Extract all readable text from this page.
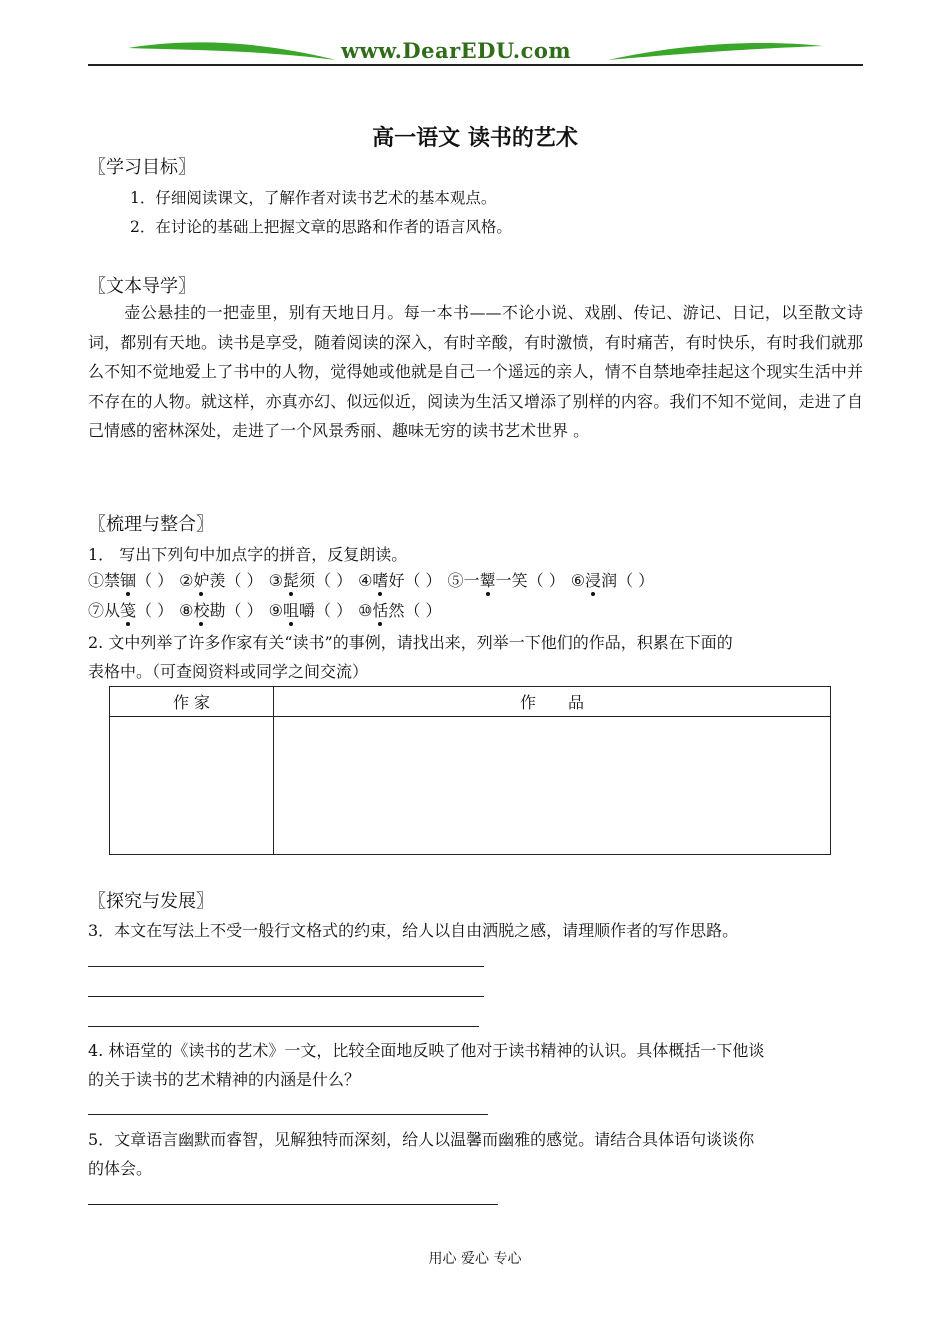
www.DearEDU.com
高一语文 读书的艺术
〖学习目标〗
1．仔细阅读课文，了解作者对读书艺术的基本观点。
2．在讨论的基础上把握文章的思路和作者的语言风格。
〖文本导学〗
壶公悬挂的一把壶里，别有天地日月。每一本书——不论小说、戏剧、传记、游记、日记，以至散文诗词，都别有天地。读书是享受，随着阅读的深入，有时辛酸，有时激愤，有时痛苦，有时快乐，有时我们就那么不知不觉地爱上了书中的人物，觉得她或他就是自己一个遥远的亲人，情不自禁地牵挂起这个现实生活中并不存在的人物。就这样，亦真亦幻、似远似近，阅读为生活又增添了别样的内容。我们不知不觉间，走进了自己情感的密林深处，走进了一个风景秀丽、趣味无穷的读书艺术世界 。
〖梳理与整合〗
1． 写出下列句中加点字的拼音，反复朗读。
①禁锢（ ） ②妒羡（ ） ③髭须（ ） ④嗜好（ ） ⑤一颦一笑（ ） ⑥浸润（ ）
⑦从笺（ ） ⑧校勘（ ） ⑨咀嚼（ ） ⑩恬然（ ）
2. 文中列举了许多作家有关“读书”的事例，请找出来，列举一下他们的作品，积累在下面的
表格中。（可查阅资料或同学之间交流）
作 家	作　　品

〖探究与发展〗
3．本文在写法上不受一般行文格式的约束，给人以自由洒脱之感，请理顺作者的写作思路。
4. 林语堂的《读书的艺术》一文，比较全面地反映了他对于读书精神的认识。具体概括一下他谈
的关于读书的艺术精神的内涵是什么？
5．文章语言幽默而睿智，见解独特而深刻，给人以温馨而幽雅的感觉。请结合具体语句谈谈你
的体会。
用心 爱心 专心
